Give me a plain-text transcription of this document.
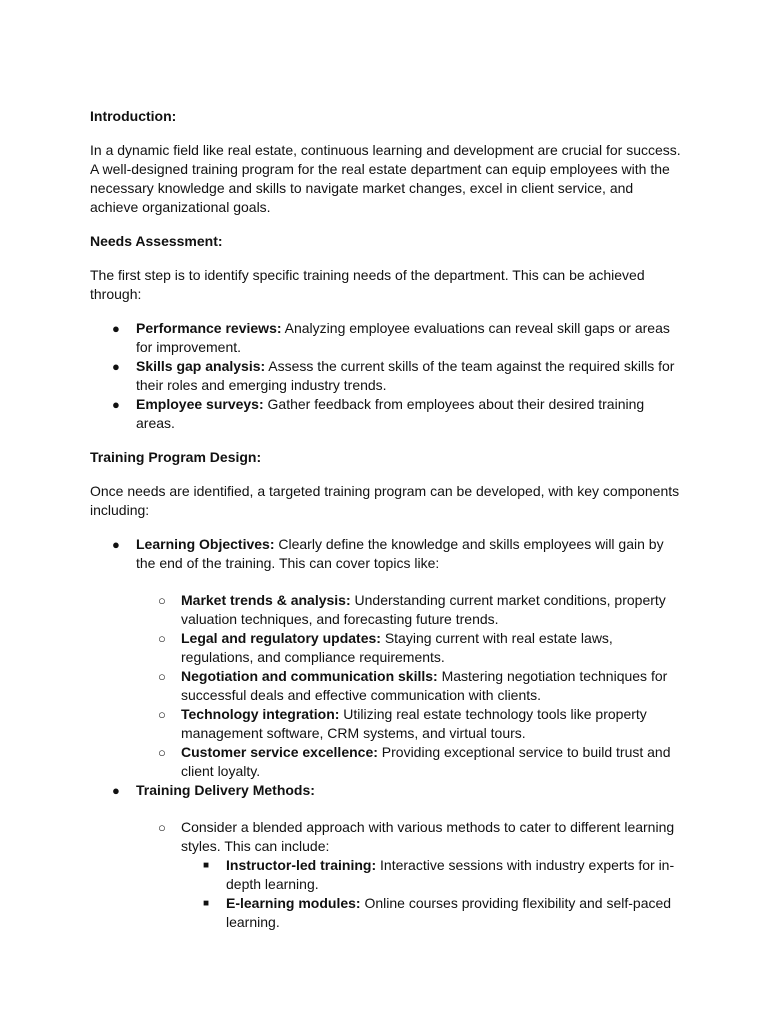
Introduction:

In a dynamic field like real estate, continuous learning and development are crucial for success. A well-designed training program for the real estate department can equip employees with the necessary knowledge and skills to navigate market changes, excel in client service, and achieve organizational goals.

Needs Assessment:

The first step is to identify specific training needs of the department. This can be achieved through:

●	Performance reviews: Analyzing employee evaluations can reveal skill gaps or areas for improvement.
●	Skills gap analysis: Assess the current skills of the team against the required skills for their roles and emerging industry trends.
●	Employee surveys: Gather feedback from employees about their desired training areas.

Training Program Design:

Once needs are identified, a targeted training program can be developed, with key components including:

●	Learning Objectives: Clearly define the knowledge and skills employees will gain by the end of the training. This can cover topics like:
○	Market trends & analysis: Understanding current market conditions, property valuation techniques, and forecasting future trends.
○	Legal and regulatory updates: Staying current with real estate laws, regulations, and compliance requirements.
○	Negotiation and communication skills: Mastering negotiation techniques for successful deals and effective communication with clients.
○	Technology integration: Utilizing real estate technology tools like property management software, CRM systems, and virtual tours.
○	Customer service excellence: Providing exceptional service to build trust and client loyalty.
●	Training Delivery Methods:
○	Consider a blended approach with various methods to cater to different learning styles. This can include:
■	Instructor-led training: Interactive sessions with industry experts for in-depth learning.
■	E-learning modules: Online courses providing flexibility and self-paced learning.
